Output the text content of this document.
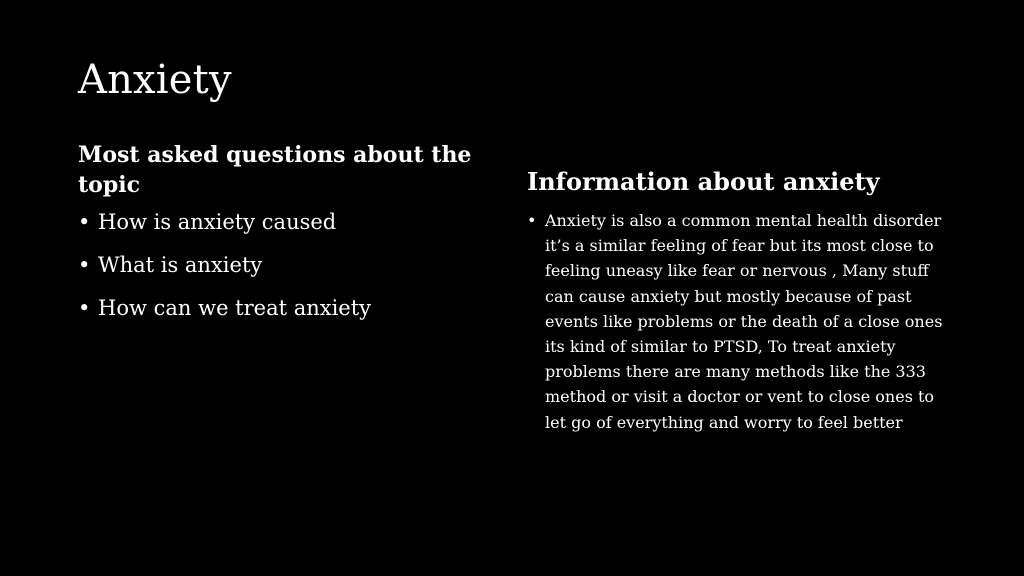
Anxiety
Most asked questions about the topic
• How is anxiety caused
• What is anxiety
• How can we treat anxiety
Information about anxiety
• Anxiety is also a common mental health disorder it’s a similar feeling of fear but its most close to feeling uneasy like fear or nervous , Many stuff can cause anxiety but mostly because of past events like problems or the death of a close ones its kind of similar to PTSD, To treat anxiety problems there are many methods like the 333 method or visit a doctor or vent to close ones to let go of everything and worry to feel better
